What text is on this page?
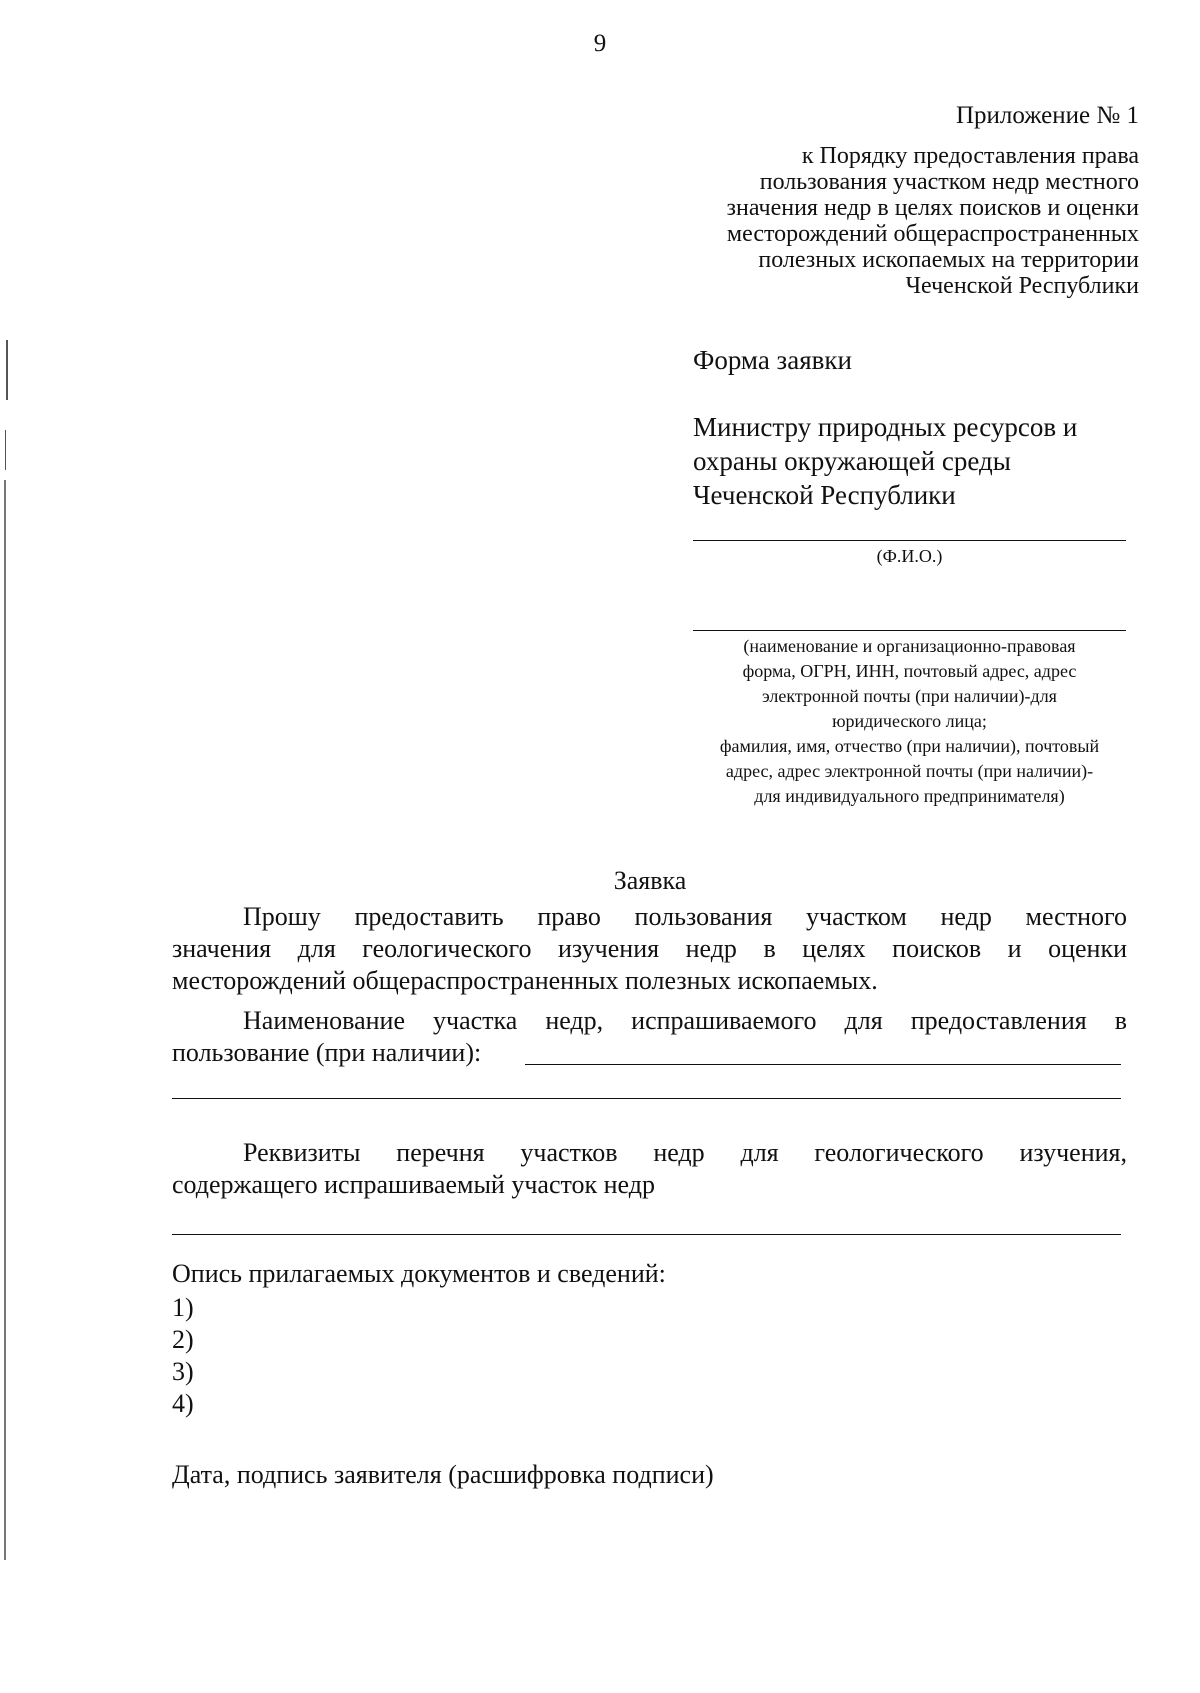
9
Приложение № 1
к Порядку предоставления права
пользования участком недр местного
значения недр в целях поисков и оценки
месторождений общераспространенных
полезных ископаемых на территории
Чеченской Республики
Форма заявки
Министру природных ресурсов и
охраны окружающей среды
Чеченской Республики
(Ф.И.О.)
(наименование и организационно-правовая
форма, ОГРН, ИНН, почтовый адрес, адрес
электронной почты (при наличии)-для
юридического лица;
фамилия, имя, отчество (при наличии), почтовый
адрес, адрес электронной почты (при наличии)-
для индивидуального предпринимателя)
Заявка
Прошу предоставить право пользования участком недр местного
значения для геологического изучения недр в целях поисков и оценки
месторождений общераспространенных полезных ископаемых.
Наименование участка недр, испрашиваемого для предоставления в
пользование (при наличии):
Реквизиты перечня участков недр для геологического изучения,
содержащего испрашиваемый участок недр
Опись прилагаемых документов и сведений:
1)
2)
3)
4)
Дата, подпись заявителя (расшифровка подписи)
